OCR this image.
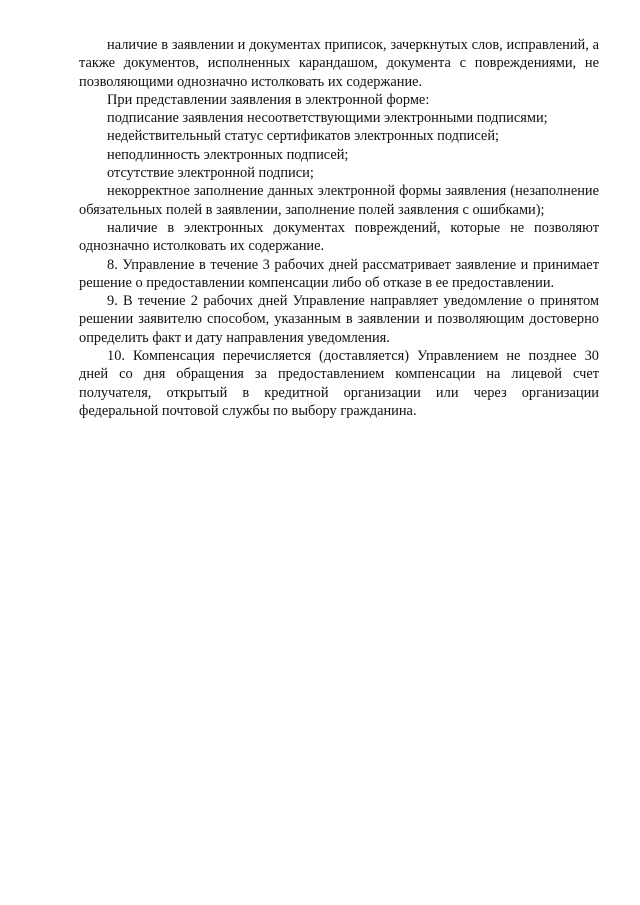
наличие в заявлении и документах приписок, зачеркнутых слов, исправлений, а также документов, исполненных карандашом, документа с повреждениями, не позволяющими однозначно истолковать их содержание.

При представлении заявления в электронной форме:

подписание заявления несоответствующими электронными подписями;

недействительный статус сертификатов электронных подписей;

неподлинность электронных подписей;

отсутствие электронной подписи;

некорректное заполнение данных электронной формы заявления (незаполнение обязательных полей в заявлении, заполнение полей заявления с ошибками);

наличие в электронных документах повреждений, которые не позволяют однозначно истолковать их содержание.

8. Управление в течение 3 рабочих дней рассматривает заявление и принимает решение о предоставлении компенсации либо об отказе в ее предоставлении.

9. В течение 2 рабочих дней Управление направляет уведомление о принятом решении заявителю способом, указанным в заявлении и позволяющим достоверно определить факт и дату направления уведомления.

10. Компенсация перечисляется (доставляется) Управлением не позднее 30 дней со дня обращения за предоставлением компенсации на лицевой счет получателя, открытый в кредитной организации или через организации федеральной почтовой службы по выбору гражданина.
